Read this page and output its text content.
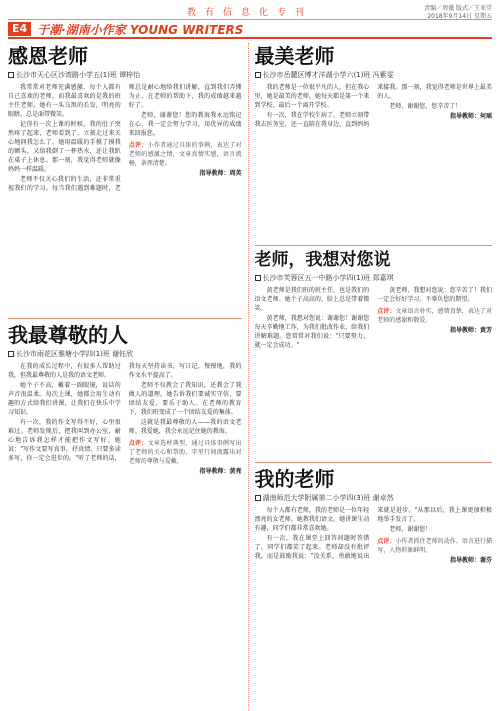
教有信息化专刊
E4 于潮·湖南小作家 YOUNG WRITERS
责编／周薇 版式／王亚堂
2018年9月14日 星期五
感恩老师
长沙市天心区沙湾路小学五(1)班 谭梓怡

我常常对老师充满感激，每个人都有自己喜欢的老师，而我最喜欢的是我的班主任老师。她有一头乌黑的长发，明亮的眼睛，总是面带微笑。

记得有一次上课的时候，我的肚子突然疼了起来，老师看到了，立刻走过来关心地问我怎么了。她用温暖的手摸了摸我的额头，又给我倒了一杯热水，还让我趴在桌子上休息。那一刻，我觉得老师就像妈妈一样温暖。

老师不仅关心我们的生活，还非常重视我们的学习。每当我们遇到难题时，老师总是耐心地给我们讲解，直到我们弄懂为止。在老师的帮助下，我的成绩越来越好了。

老师，谢谢您！您的教诲我永远铭记在心，我一定会努力学习，用优异的成绩来回报您。

点评：小作者通过具体的事例，表达了对老师的感激之情，文章真情实感，语言流畅，条理清楚。
指导教师：周英
我最尊敬的人
长沙市雨花区雅塘小学四(1)班 谢钰欣

在我的成长过程中，有很多人帮助过我，但我最尊敬的人是我的语文老师。

她个子不高，戴着一副眼镜，说话的声音很温柔。每次上课，她都会用生动有趣的方式给我们讲课，让我们在快乐中学习知识。

有一次，我的作文写得不好，心里很难过。老师发现后，把我叫到办公室，耐心地告诉我怎样才能把作文写好。她说："写作文要写真事，抒真情，只要多读多写，你一定会进步的。"听了老师的话，我每天坚持读书，写日记，慢慢地，我的作文水平提高了。

老师不仅教会了我知识，还教会了我做人的道理。她告诉我们要诚实守信，要团结友爱，要乐于助人。在老师的教育下，我们班变成了一个团结友爱的集体。

这就是我最尊敬的人——我的语文老师。我爱她，我会永远记住她的教诲。

点评：文章选材典型，通过具体事例写出了老师的关心和帮助，字里行间流露出对老师的尊敬与爱戴。
指导教师：黄亮
最美老师
长沙市岳麓区博才洋湖小学六(1)班 冯紫雯

我的老师是一位很平凡的人，但在我心里，她是最美的老师。她每天都是第一个来到学校，最后一个离开学校。

有一次，我在学校生病了，老师立刻带我去医务室，还一直陪在我身边，直到妈妈来接我。那一刻，我觉得老师是世界上最美的人。

老师，谢谢您，您辛苦了！

指导教师：何瑶
老师，我想对您说
长沙市芙蓉区五一中路小学四(1)班 郑嘉琪

黄老师是我们班的班主任，也是我们的语文老师。她个子高高的，脸上总是带着微笑。

黄老师，我想对您说：谢谢您！谢谢您每天辛勤地工作，为我们批改作业，给我们讲解难题。您常常对我们说："只要努力，就一定会成功。"

黄老师，我想对您说：您辛苦了！我们一定会好好学习，不辜负您的期望。

点评：文章语言朴实，感情真挚，表达了对老师的感谢和敬爱。
指导教师：黄芳
我的老师
湖南师范大学附属第二小学四(3)班 谢卓然

每个人都有老师，我的老师是一位年轻漂亮的女老师。她教我们语文，她讲课生动有趣，同学们都非常喜欢她。

有一次，我在课堂上回答问题时答错了，同学们都笑了起来。老师却没有批评我，而是鼓励我说："没关系，勇敢地说出来就是进步。"从那以后，我上课更加积极地举手发言了。

老师，谢谢您！

点评：小作者抓住老师的动作、语言进行描写，人物形象鲜明。
指导教师：谢芬
